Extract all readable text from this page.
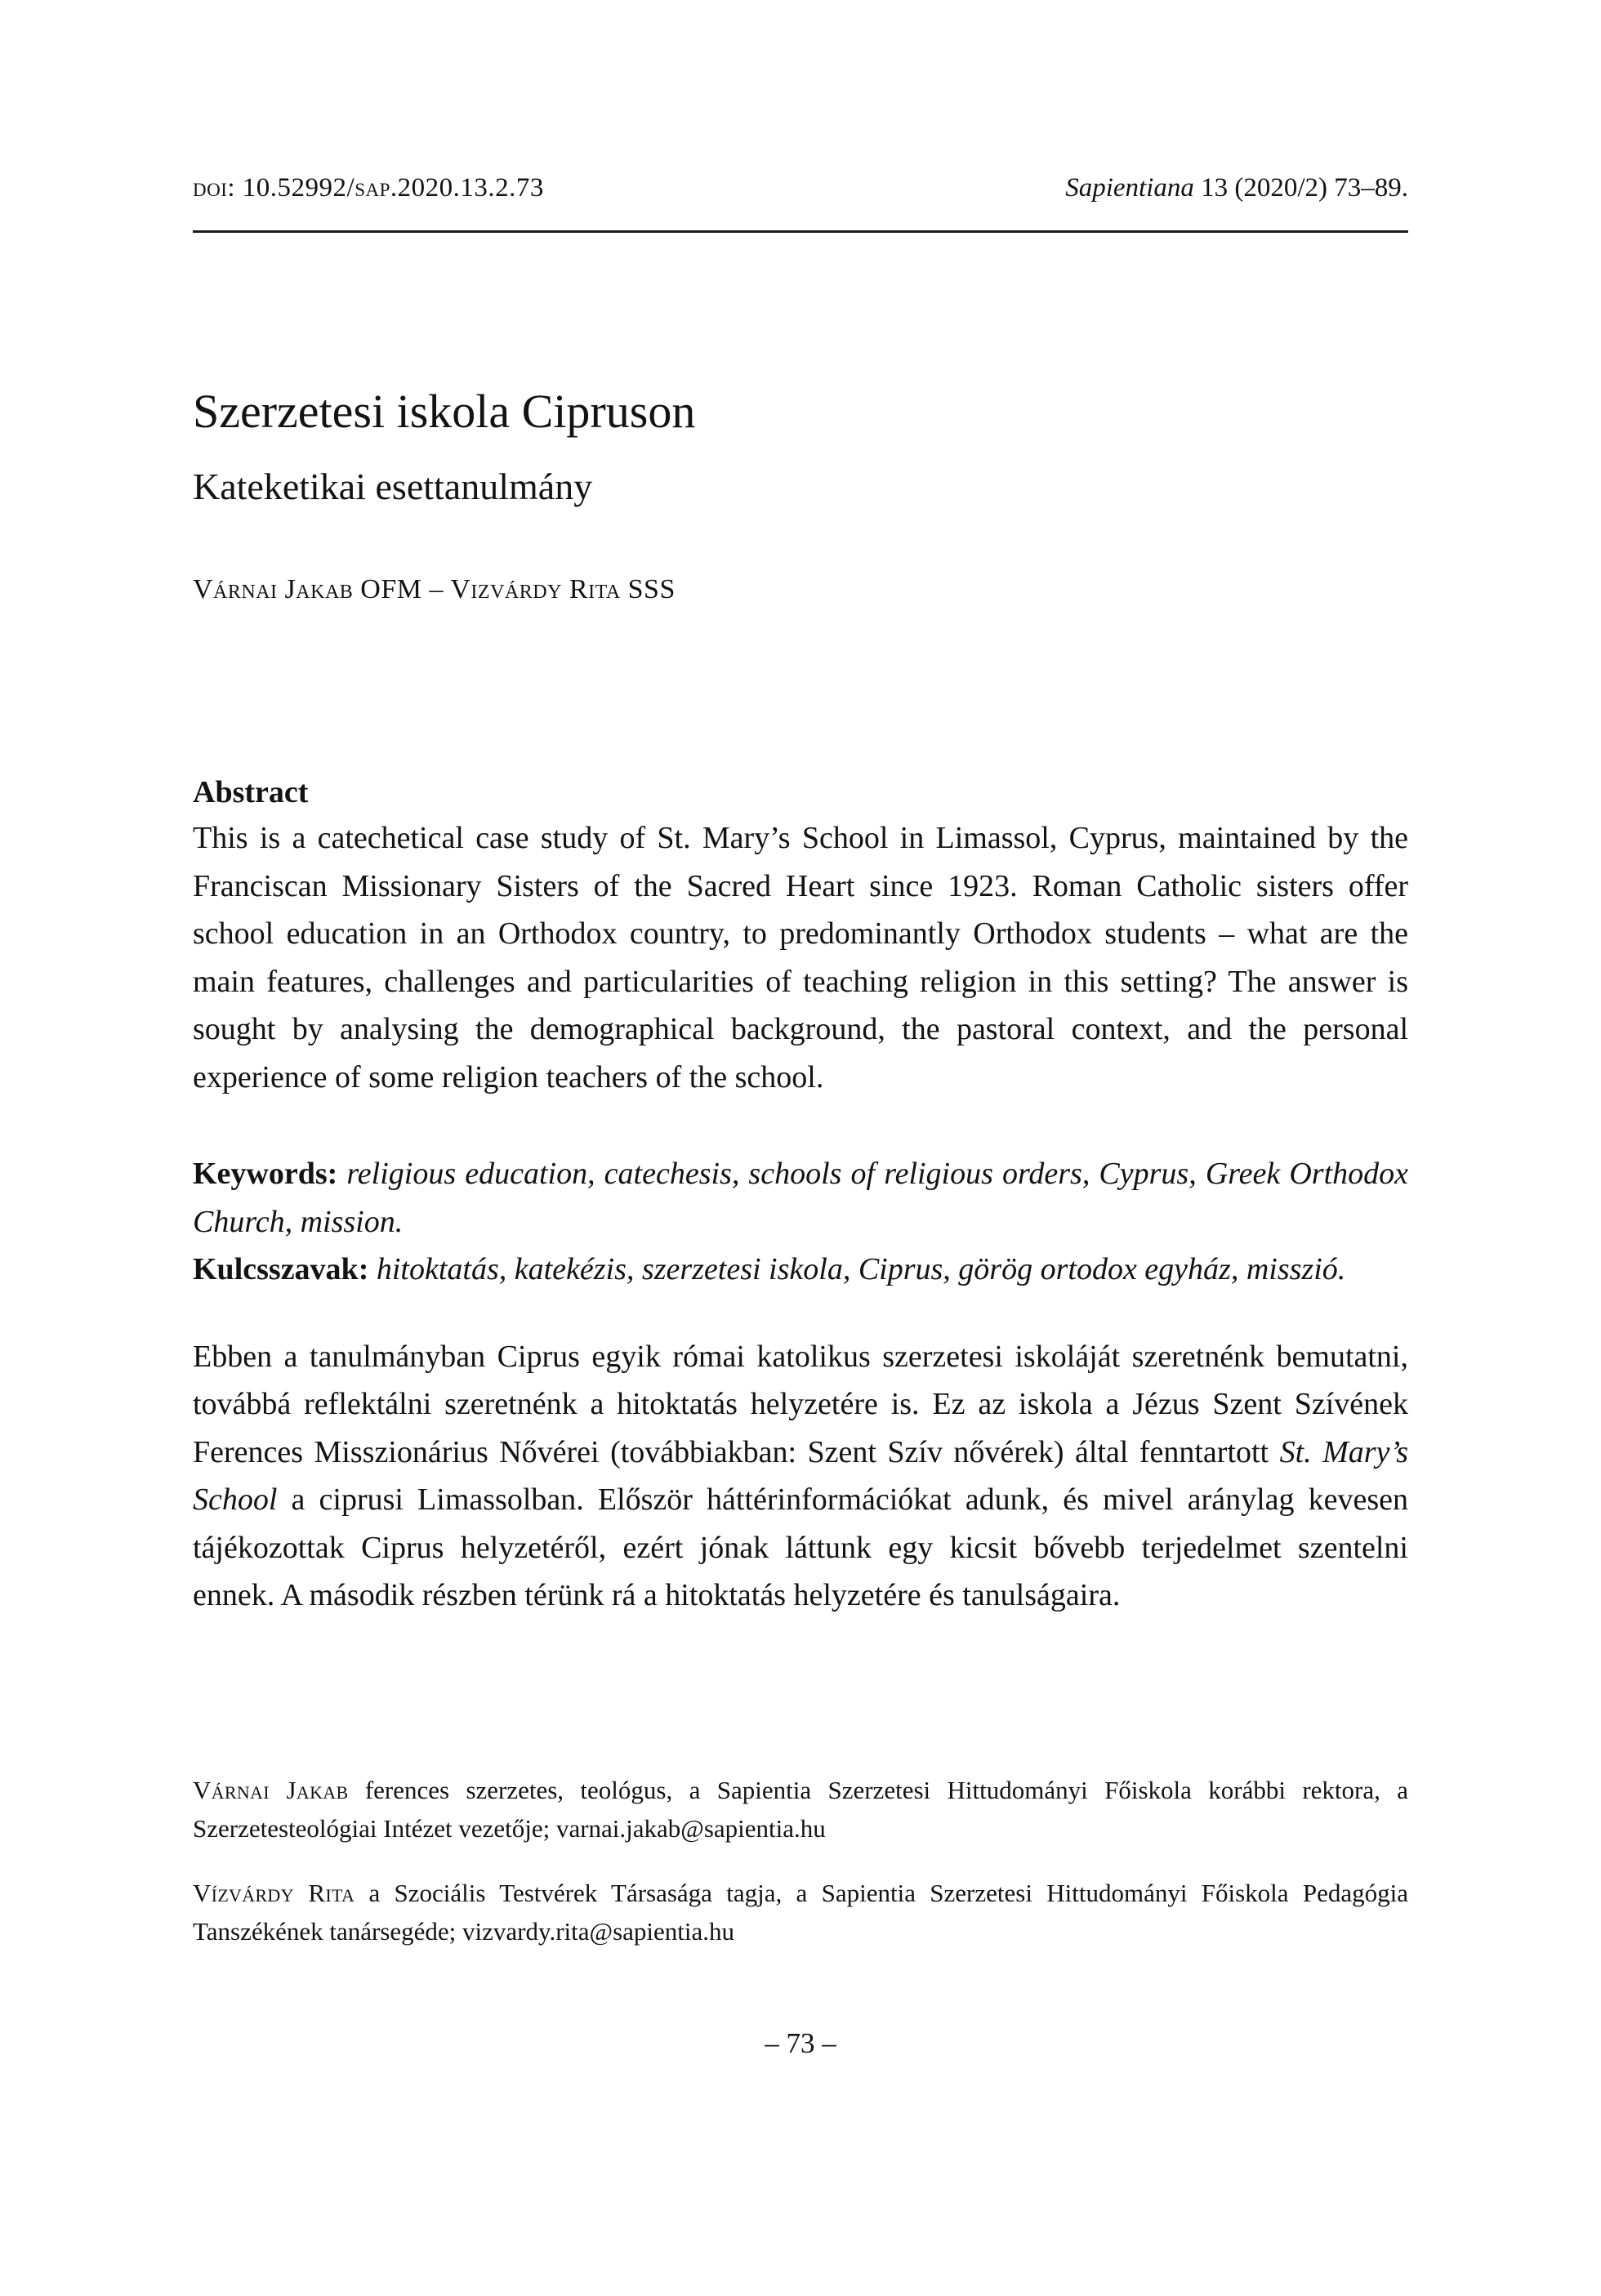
doi: 10.52992/sap.2020.13.2.73	Sapientiana 13 (2020/2) 73–89.
Szerzetesi iskola Cipruson
Kateketikai esettanulmány
Várnai Jakab OFM – Vizvárdy Rita SSS
Abstract

This is a catechetical case study of St. Mary’s School in Limassol, Cyprus, maintained by the Franciscan Missionary Sisters of the Sacred Heart since 1923. Roman Catholic sisters offer school education in an Orthodox country, to predominantly Orthodox students – what are the main features, challenges and particularities of teaching religion in this setting? The answer is sought by analysing the demographical background, the pastoral context, and the personal experience of some religion teachers of the school.

Keywords: religious education, catechesis, schools of religious orders, Cyprus, Greek Orthodox Church, mission.

Kulcsszavak: hitoktatás, katekézis, szerzetesi iskola, Ciprus, görög ortodox egyház, misszió.

Ebben a tanulmányban Ciprus egyik római katolikus szerzetesi iskoláját szeretnénk bemutatni, továbbá reflektálni szeretnénk a hitoktatás helyzetére is. Ez az iskola a Jézus Szent Szívének Ferences Misszionárius Nővérei (továbbiakban: Szent Szív nővérek) által fenntartott St. Mary’s School a ciprusi Limassolban. Először háttérinformációkat adunk, és mivel aránylag kevesen tájékozottak Ciprus helyzetéről, ezért jónak láttunk egy kicsit bővebb terjedelmet szentelni ennek. A második részben térünk rá a hitoktatás helyzetére és tanulságaira.

Várnai Jakab ferences szerzetes, teológus, a Sapientia Szerzetesi Hittudományi Főiskola korábbi rektora, a Szerzetesteológiai Intézet vezetője; varnai.jakab@sapientia.hu

Vízvárdy Rita a Szociális Testvérek Társasága tagja, a Sapientia Szerzetesi Hittudományi Főiskola Pedagógia Tanszékének tanársegéde; vizvardy.rita@sapientia.hu

– 73 –
